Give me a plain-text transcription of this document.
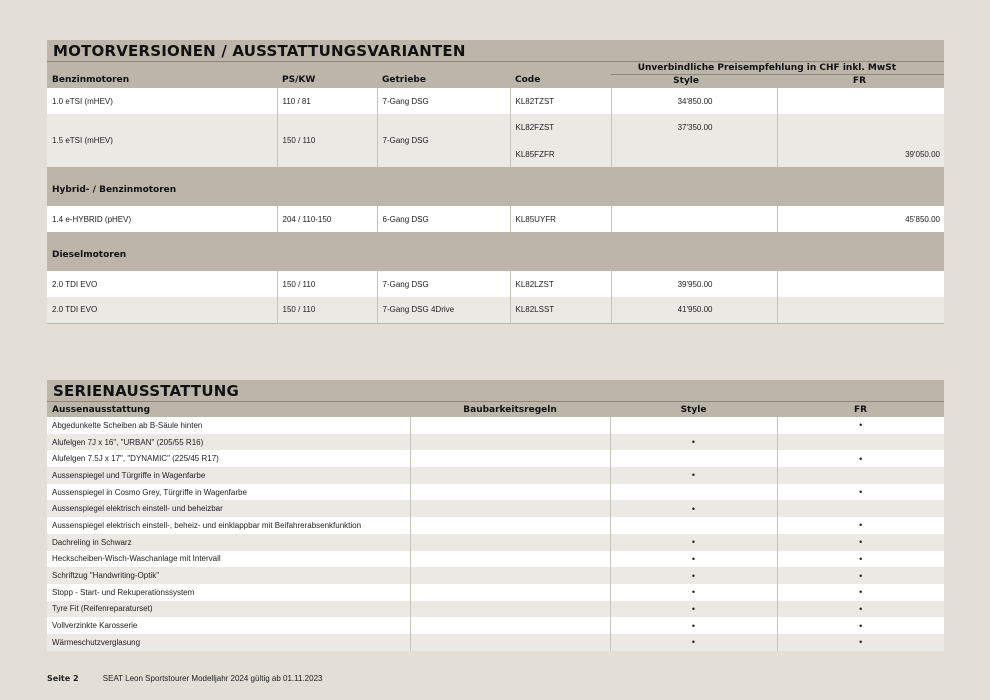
MOTORVERSIONEN / AUSSTATTUNGSVARIANTEN
Benzinmotoren	PS/KW	Getriebe	Code	Unverbindliche Preisempfehlung in CHF inkl. MwSt
Style FR	

1.0 eTSI (mHEV)	110 / 81	7-Gang DSG	KL82TZST	34'850.00	
1.5 eTSI (mHEV)	150 / 110	7-Gang DSG	KL82FZST	37'350.00	
			KL85FZFR		39'050.00
Hybrid- / Benzinmotoren					
1.4 e-HYBRID (pHEV)	204 / 110-150	6-Gang DSG	KL85UYFR		45'850.00
Dieselmotoren					
2.0 TDI EVO	150 / 110	7-Gang DSG	KL82LZST	39'950.00	
2.0 TDI EVO	150 / 110	7-Gang DSG 4Drive	KL82LSST	41'950.00	
SERIENAUSSTATTUNG
Aussenausstattung	Baubarkeitsregeln	Style	FR
Abgedunkelte Scheiben ab B-Säule hinten			•
Alufelgen 7J x 16", "URBAN" (205/55 R16)		•	
Alufelgen 7.5J x 17", "DYNAMIC" (225/45 R17)			•
Aussenspiegel und Türgriffe in Wagenfarbe		•	
Aussenspiegel in Cosmo Grey, Türgriffe in Wagenfarbe			•
Aussenspiegel elektrisch einstell- und beheizbar		•	
Aussenspiegel elektrisch einstell-, beheiz- und einklappbar mit Beifahrerabsenkfunktion			•
Dachreling in Schwarz		•	•
Heckscheiben-Wisch-Waschanlage mit Intervall		•	•
Schriftzug "Handwriting-Optik"		•	•
Stopp - Start- und Rekuperationssystem		•	•
Tyre Fit (Reifenreparaturset)		•	•
Vollverzinkte Karosserie		•	•
Wärmeschutzverglasung		•	•
Seite 2	SEAT Leon Sportstourer Modelljahr 2024 gültig ab 01.11.2023
